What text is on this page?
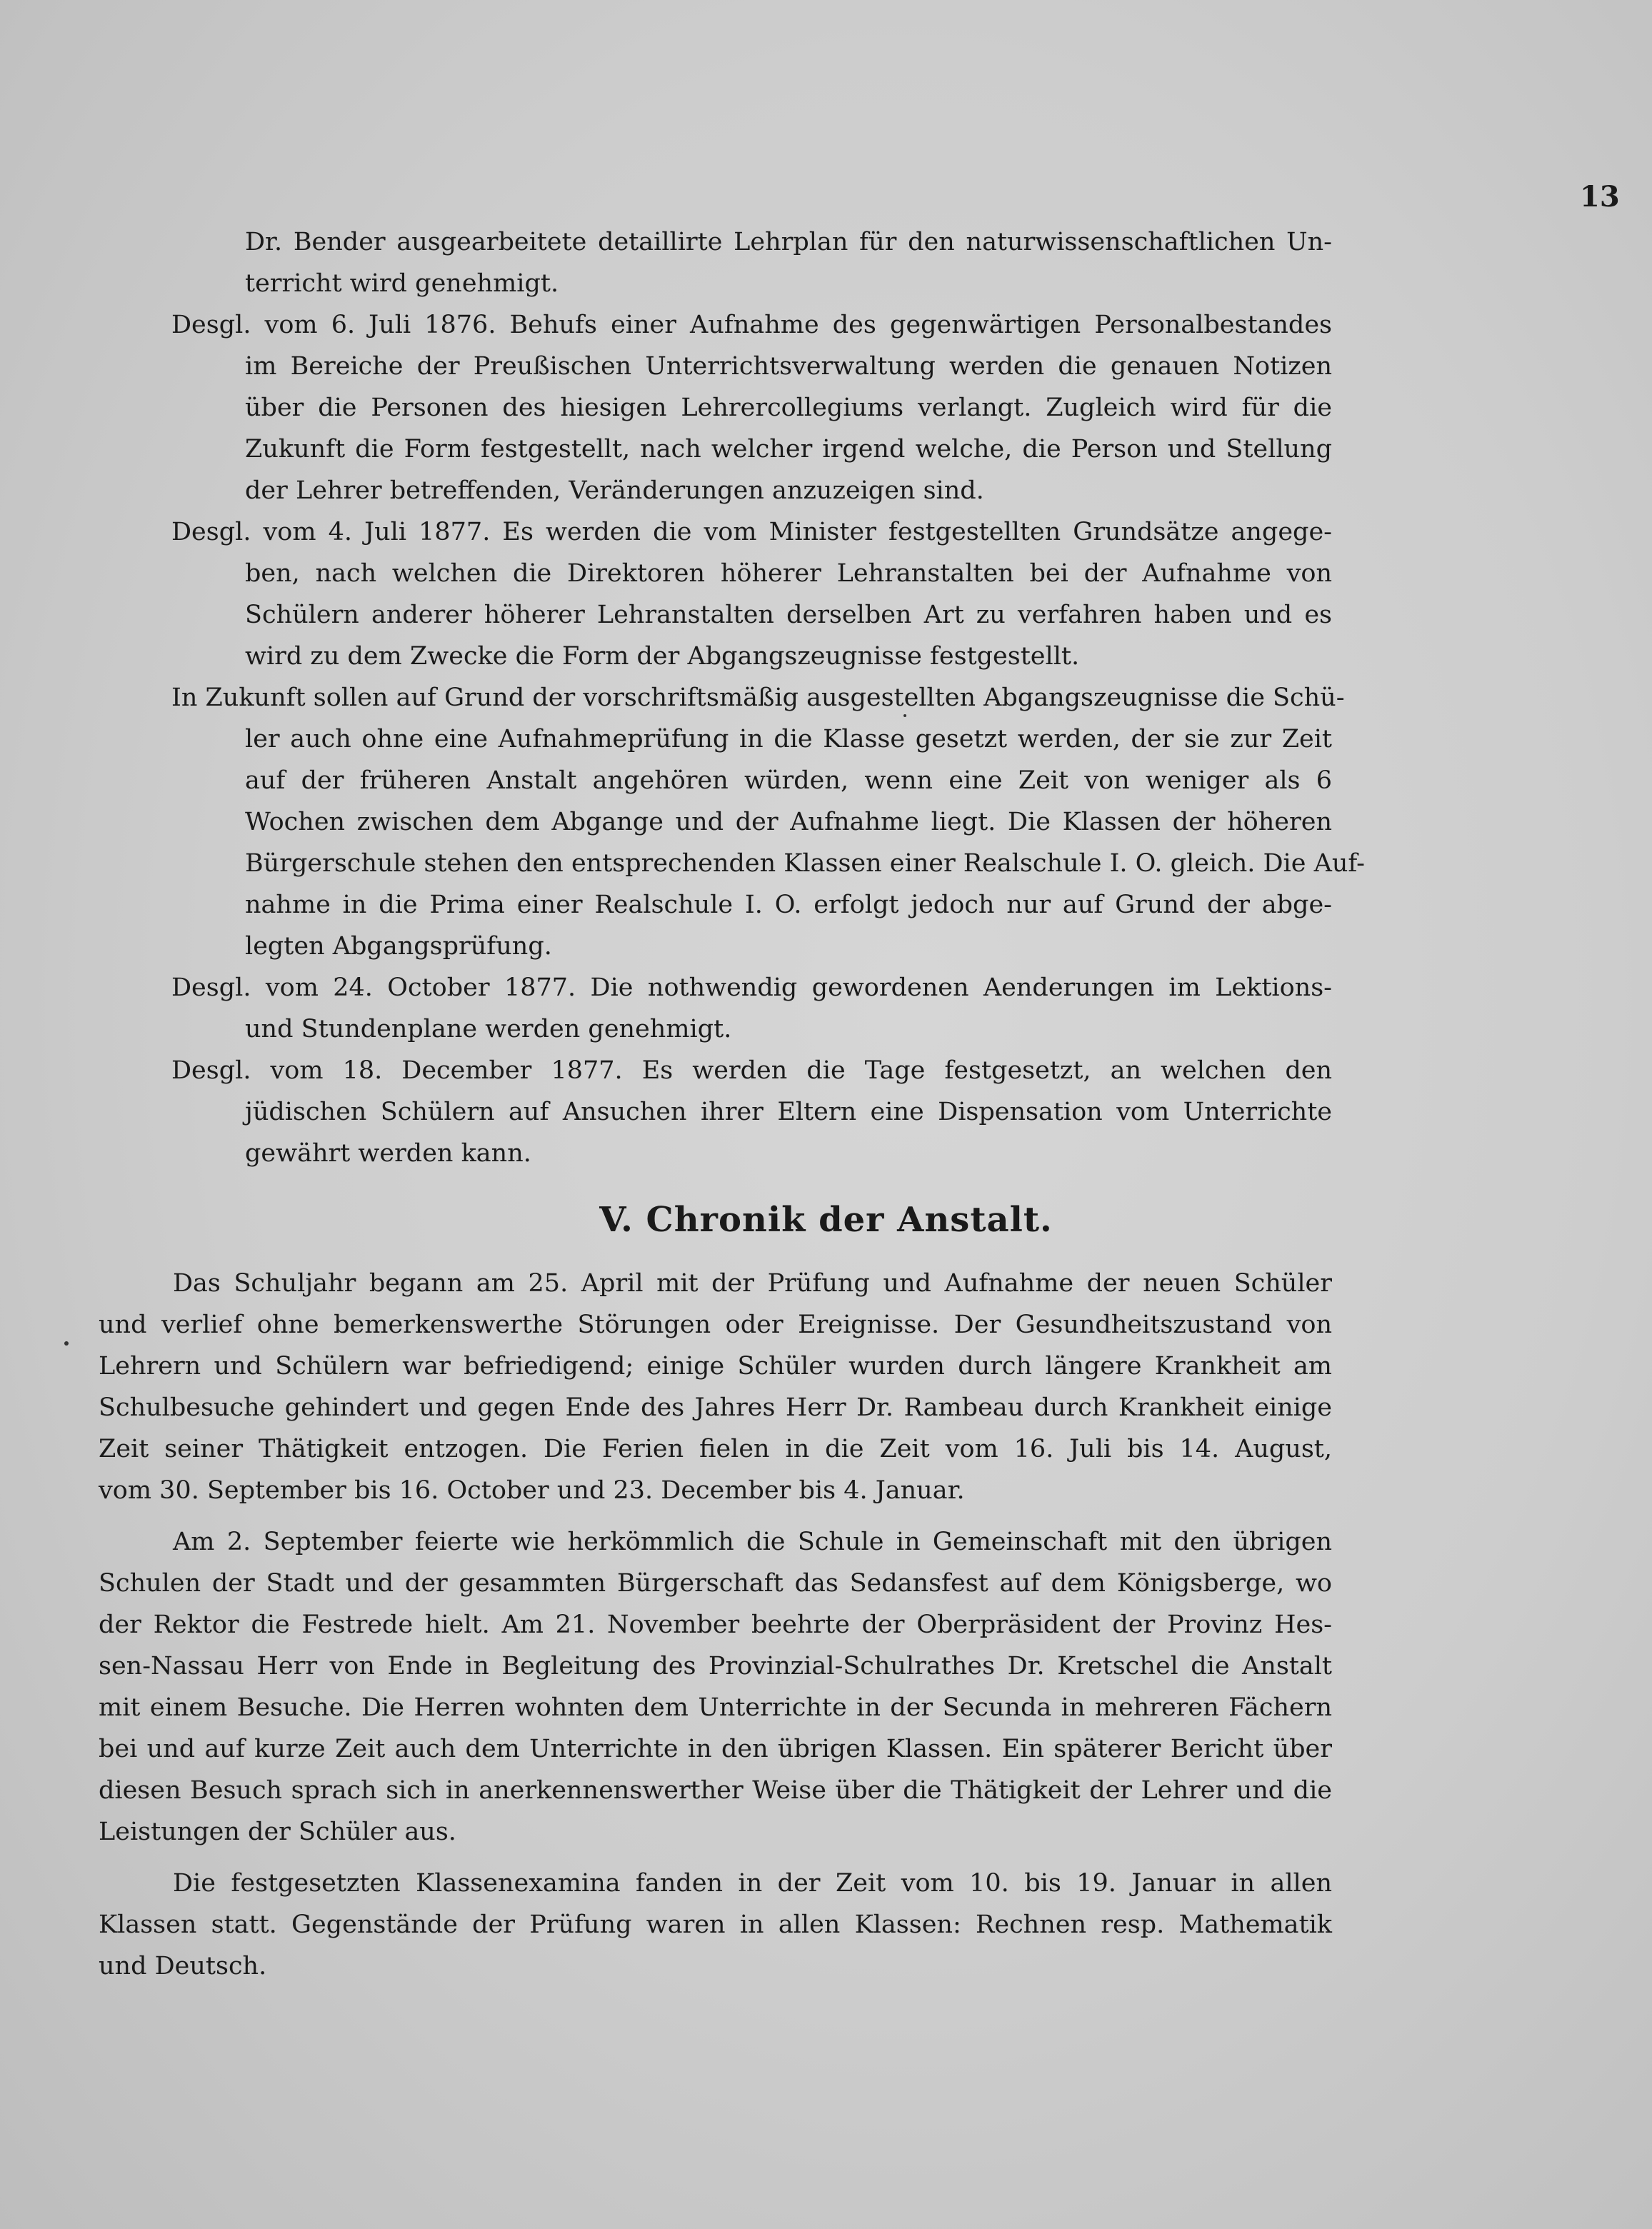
13
Dr. Bender ausgearbeitete detaillirte Lehrplan für den naturwissenschaftlichen Un-
terricht wird genehmigt.
Desgl. vom 6. Juli 1876. Behufs einer Aufnahme des gegenwärtigen Personalbestandes
im Bereiche der Preußischen Unterrichtsverwaltung werden die genauen Notizen
über die Personen des hiesigen Lehrercollegiums verlangt. Zugleich wird für die
Zukunft die Form festgestellt, nach welcher irgend welche, die Person und Stellung
der Lehrer betreffenden, Veränderungen anzuzeigen sind.
Desgl. vom 4. Juli 1877. Es werden die vom Minister festgestellten Grundsätze angege-
ben, nach welchen die Direktoren höherer Lehranstalten bei der Aufnahme von
Schülern anderer höherer Lehranstalten derselben Art zu verfahren haben und es
wird zu dem Zwecke die Form der Abgangszeugnisse festgestellt.
In Zukunft sollen auf Grund der vorschriftsmäßig ausgestellten Abgangszeugnisse die Schü-
ler auch ohne eine Aufnahmeprüfung in die Klasse gesetzt werden, der sie zur Zeit
auf der früheren Anstalt angehören würden, wenn eine Zeit von weniger als 6
Wochen zwischen dem Abgange und der Aufnahme liegt. Die Klassen der höheren
Bürgerschule stehen den entsprechenden Klassen einer Realschule I. O. gleich. Die Auf-
nahme in die Prima einer Realschule I. O. erfolgt jedoch nur auf Grund der abge-
legten Abgangsprüfung.
Desgl. vom 24. October 1877. Die nothwendig gewordenen Aenderungen im Lektions-
und Stundenplane werden genehmigt.
Desgl. vom 18. December 1877. Es werden die Tage festgesetzt, an welchen den
jüdischen Schülern auf Ansuchen ihrer Eltern eine Dispensation vom Unterrichte
gewährt werden kann.
V. Chronik der Anstalt.
Das Schuljahr begann am 25. April mit der Prüfung und Aufnahme der neuen Schüler
und verlief ohne bemerkenswerthe Störungen oder Ereignisse. Der Gesundheitszustand von
Lehrern und Schülern war befriedigend; einige Schüler wurden durch längere Krankheit am
Schulbesuche gehindert und gegen Ende des Jahres Herr Dr. Rambeau durch Krankheit einige
Zeit seiner Thätigkeit entzogen. Die Ferien fielen in die Zeit vom 16. Juli bis 14. August,
vom 30. September bis 16. October und 23. December bis 4. Januar.
Am 2. September feierte wie herkömmlich die Schule in Gemeinschaft mit den übrigen
Schulen der Stadt und der gesammten Bürgerschaft das Sedansfest auf dem Königsberge, wo
der Rektor die Festrede hielt. Am 21. November beehrte der Oberpräsident der Provinz Hes-
sen-Nassau Herr von Ende in Begleitung des Provinzial-Schulrathes Dr. Kretschel die Anstalt
mit einem Besuche. Die Herren wohnten dem Unterrichte in der Secunda in mehreren Fächern
bei und auf kurze Zeit auch dem Unterrichte in den übrigen Klassen. Ein späterer Bericht über
diesen Besuch sprach sich in anerkennenswerther Weise über die Thätigkeit der Lehrer und die
Leistungen der Schüler aus.
Die festgesetzten Klassenexamina fanden in der Zeit vom 10. bis 19. Januar in allen
Klassen statt. Gegenstände der Prüfung waren in allen Klassen: Rechnen resp. Mathematik
und Deutsch.
